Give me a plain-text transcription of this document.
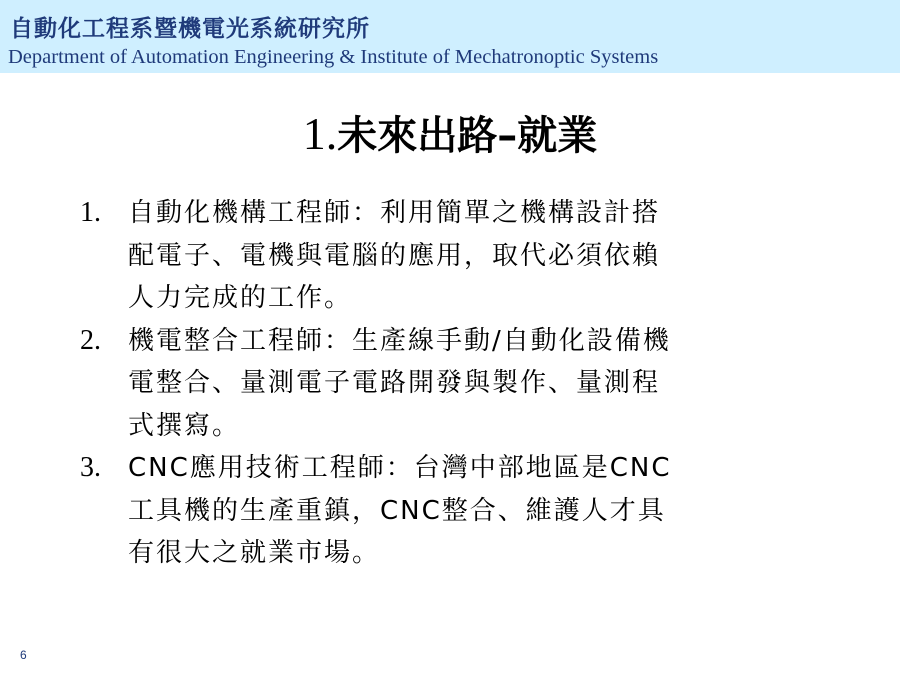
自動化工程系暨機電光系統研究所
Department of Automation Engineering & Institute of Mechatronoptic Systems
1.未來出路–就業
1. 自動化機構工程師：利用簡單之機構設計搭
配電子、電機與電腦的應用，取代必須依賴
人力完成的工作。
2. 機電整合工程師：生產線手動/自動化設備機
電整合、量測電子電路開發與製作、量測程
式撰寫。
3. CNC應用技術工程師：台灣中部地區是CNC
工具機的生產重鎮，CNC整合、維護人才具
有很大之就業市場。
6
